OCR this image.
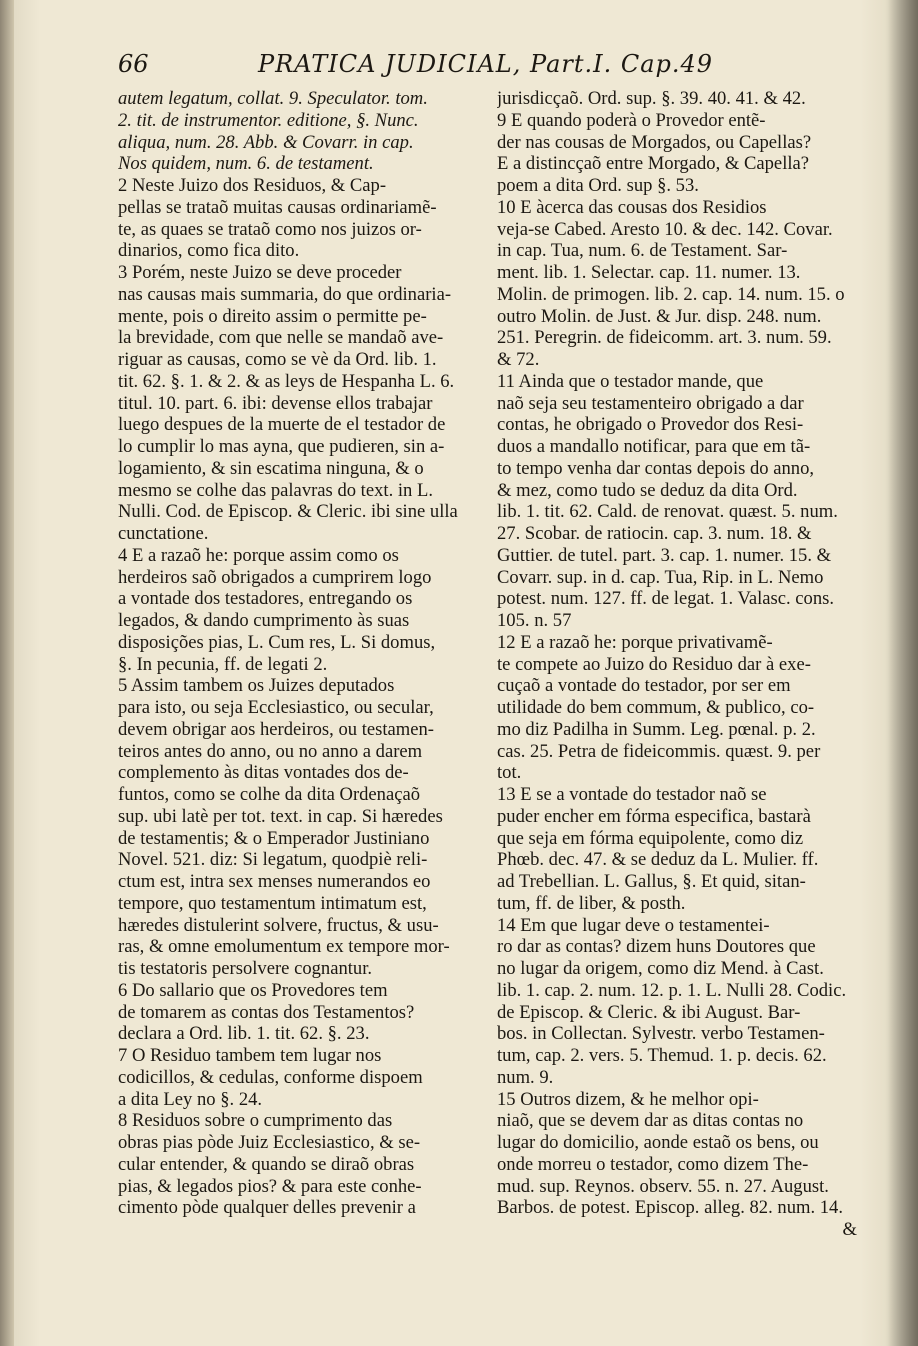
66	PRATICA JUDICIAL, Part.I. Cap.49

autem legatum, collat. 9. Speculator. tom.
2. tit. de instrumentor. editione, §. Nunc.
aliqua, num. 28. Abb. & Covarr. in cap.
Nos quidem, num. 6. de testament.

2 Neste Juizo dos Residuos, & Cap-
pellas se trataõ muitas causas ordinariamẽ-
te, as quaes se trataõ como nos juizos or-
dinarios, como fica dito.

3 Porém, neste Juizo se deve proceder
nas causas mais summaria, do que ordinaria-
mente, pois o direito assim o permitte pe-
la brevidade, com que nelle se mandaõ ave-
riguar as causas, como se vè da Ord. lib. 1.
tit. 62. §. 1. & 2. & as leys de Hespanha L. 6.
titul. 10. part. 6. ibi: devense ellos trabajar
luego despues de la muerte de el testador de
lo cumplir lo mas ayna, que pudieren, sin a-
logamiento, & sin escatima ninguna, & o
mesmo se colhe das palavras do text. in L.
Nulli. Cod. de Episcop. & Cleric. ibi sine ulla
cunctatione.

4 E a razaõ he: porque assim como os
herdeiros saõ obrigados a cumprirem logo
a vontade dos testadores, entregando os
legados, & dando cumprimento às suas
disposições pias, L. Cum res, L. Si domus,
§. In pecunia, ff. de legati 2.

5 Assim tambem os Juizes deputados
para isto, ou seja Ecclesiastico, ou secular,
devem obrigar aos herdeiros, ou testamen-
teiros antes do anno, ou no anno a darem
complemento às ditas vontades dos de-
funtos, como se colhe da dita Ordenaçaõ
sup. ubi latè per tot. text. in cap. Si hæredes
de testamentis; & o Emperador Justiniano
Novel. 521. diz: Si legatum, quodpiè reli-
ctum est, intra sex menses numerandos eo
tempore, quo testamentum intimatum est,
hæredes distulerint solvere, fructus, & usu-
ras, & omne emolumentum ex tempore mor-
tis testatoris persolvere cognantur.

6 Do sallario que os Provedores tem
de tomarem as contas dos Testamentos?
declara a Ord. lib. 1. tit. 62. §. 23.

7 O Residuo tambem tem lugar nos
codicillos, & cedulas, conforme dispoem
a dita Ley no §. 24.

8 Residuos sobre o cumprimento das
obras pias pòde Juiz Ecclesiastico, & se-
cular entender, & quando se diraõ obras
pias, & legados pios? & para este conhe-
cimento pòde qualquer delles prevenir a

jurisdicçaõ. Ord. sup. §. 39. 40. 41. & 42.

9 E quando poderà o Provedor entẽ-
der nas cousas de Morgados, ou Capellas?
E a distincçaõ entre Morgado, & Capella?
poem a dita Ord. sup §. 53.

10 E àcerca das cousas dos Residios
veja-se Cabed. Aresto 10. & dec. 142. Covar.
in cap. Tua, num. 6. de Testament. Sar-
ment. lib. 1. Selectar. cap. 11. numer. 13.
Molin. de primogen. lib. 2. cap. 14. num. 15. o
outro Molin. de Just. & Jur. disp. 248. num.
251. Peregrin. de fideicomm. art. 3. num. 59.
& 72.

11 Ainda que o testador mande, que
naõ seja seu testamenteiro obrigado a dar
contas, he obrigado o Provedor dos Resi-
duos a mandallo notificar, para que em tã-
to tempo venha dar contas depois do anno,
& mez, como tudo se deduz da dita Ord.
lib. 1. tit. 62. Cald. de renovat. quæst. 5. num.
27. Scobar. de ratiocin. cap. 3. num. 18. &
Guttier. de tutel. part. 3. cap. 1. numer. 15. &
Covarr. sup. in d. cap. Tua, Rip. in L. Nemo
potest. num. 127. ff. de legat. 1. Valasc. cons.
105. n. 57

12 E a razaõ he: porque privativamẽ-
te compete ao Juizo do Residuo dar à exe-
cuçaõ a vontade do testador, por ser em
utilidade do bem commum, & publico, co-
mo diz Padilha in Summ. Leg. pœnal. p. 2.
cas. 25. Petra de fideicommis. quæst. 9. per
tot.

13 E se a vontade do testador naõ se
puder encher em fórma especifica, bastarà
que seja em fórma equipolente, como diz
Phœb. dec. 47. & se deduz da L. Mulier. ff.
ad Trebellian. L. Gallus, §. Et quid, sitan-
tum, ff. de liber, & posth.

14 Em que lugar deve o testamentei-
ro dar as contas? dizem huns Doutores que
no lugar da origem, como diz Mend. à Cast.
lib. 1. cap. 2. num. 12. p. 1. L. Nulli 28. Codic.
de Episcop. & Cleric. & ibi August. Bar-
bos. in Collectan. Sylvestr. verbo Testamen-
tum, cap. 2. vers. 5. Themud. 1. p. decis. 62.
num. 9.

15 Outros dizem, & he melhor opi-
niaõ, que se devem dar as ditas contas no
lugar do domicilio, aonde estaõ os bens, ou
onde morreu o testador, como dizem The-
mud. sup. Reynos. observ. 55. n. 27. August.
Barbos. de potest. Episcop. alleg. 82. num. 14.

&
